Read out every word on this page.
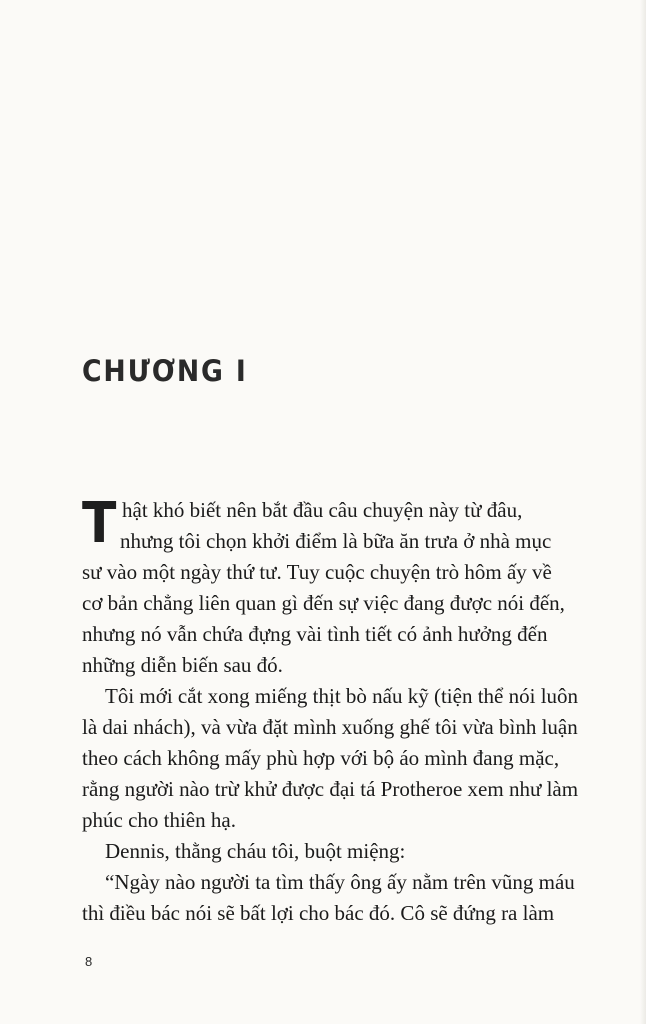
CHƯƠNG I
T hật khó biết nên bắt đầu câu chuyện này từ đâu,
nhưng tôi chọn khởi điểm là bữa ăn trưa ở nhà mục
sư vào một ngày thứ tư. Tuy cuộc chuyện trò hôm ấy về
cơ bản chẳng liên quan gì đến sự việc đang được nói đến,
nhưng nó vẫn chứa đựng vài tình tiết có ảnh hưởng đến
những diễn biến sau đó.
Tôi mới cắt xong miếng thịt bò nấu kỹ (tiện thể nói luôn
là dai nhách), và vừa đặt mình xuống ghế tôi vừa bình luận
theo cách không mấy phù hợp với bộ áo mình đang mặc,
rằng người nào trừ khử được đại tá Protheroe xem như làm
phúc cho thiên hạ.
Dennis, thằng cháu tôi, buột miệng:
“Ngày nào người ta tìm thấy ông ấy nằm trên vũng máu
thì điều bác nói sẽ bất lợi cho bác đó. Cô sẽ đứng ra làm
8
